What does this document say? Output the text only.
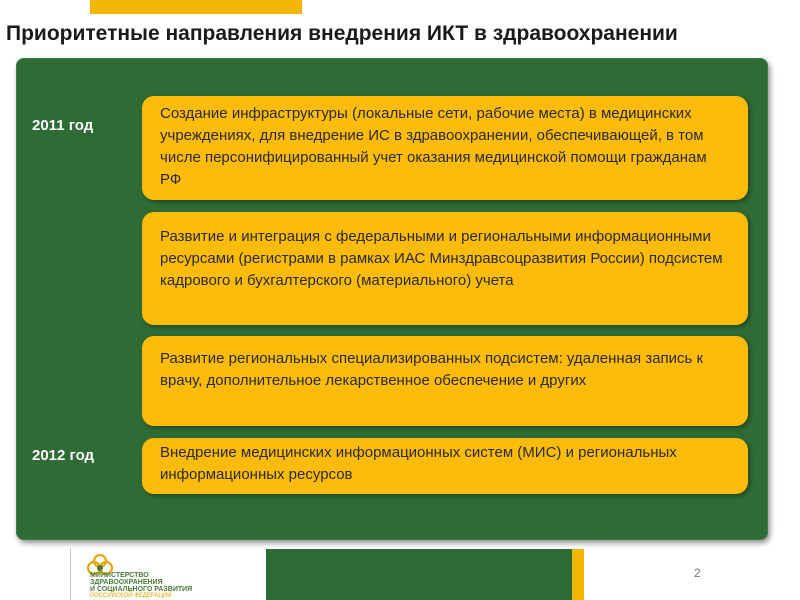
Приоритетные направления внедрения ИКТ в здравоохранении
2011 год
2012 год
Создание инфраструктуры (локальные сети, рабочие места) в медицинских учреждениях, для внедрение ИС в здравоохранении, обеспечивающей, в том числе персонифицированный учет оказания медицинской помощи гражданам РФ
Развитие и интеграция с федеральными и региональными информационными ресурсами (регистрами в рамках ИАС Минздравсоцразвития России) подсистем кадрового и бухгалтерского (материального) учета
Развитие региональных специализированных подсистем: удаленная запись к врачу, дополнительное лекарственное обеспечение и других
Внедрение медицинских информационных систем (МИС) и региональных информационных ресурсов
МИНИСТЕРСТВО
ЗДРАВООХРАНЕНИЯ
И СОЦИАЛЬНОГО РАЗВИТИЯ
РОССИЙСКОЙ ФЕДЕРАЦИИ
2
